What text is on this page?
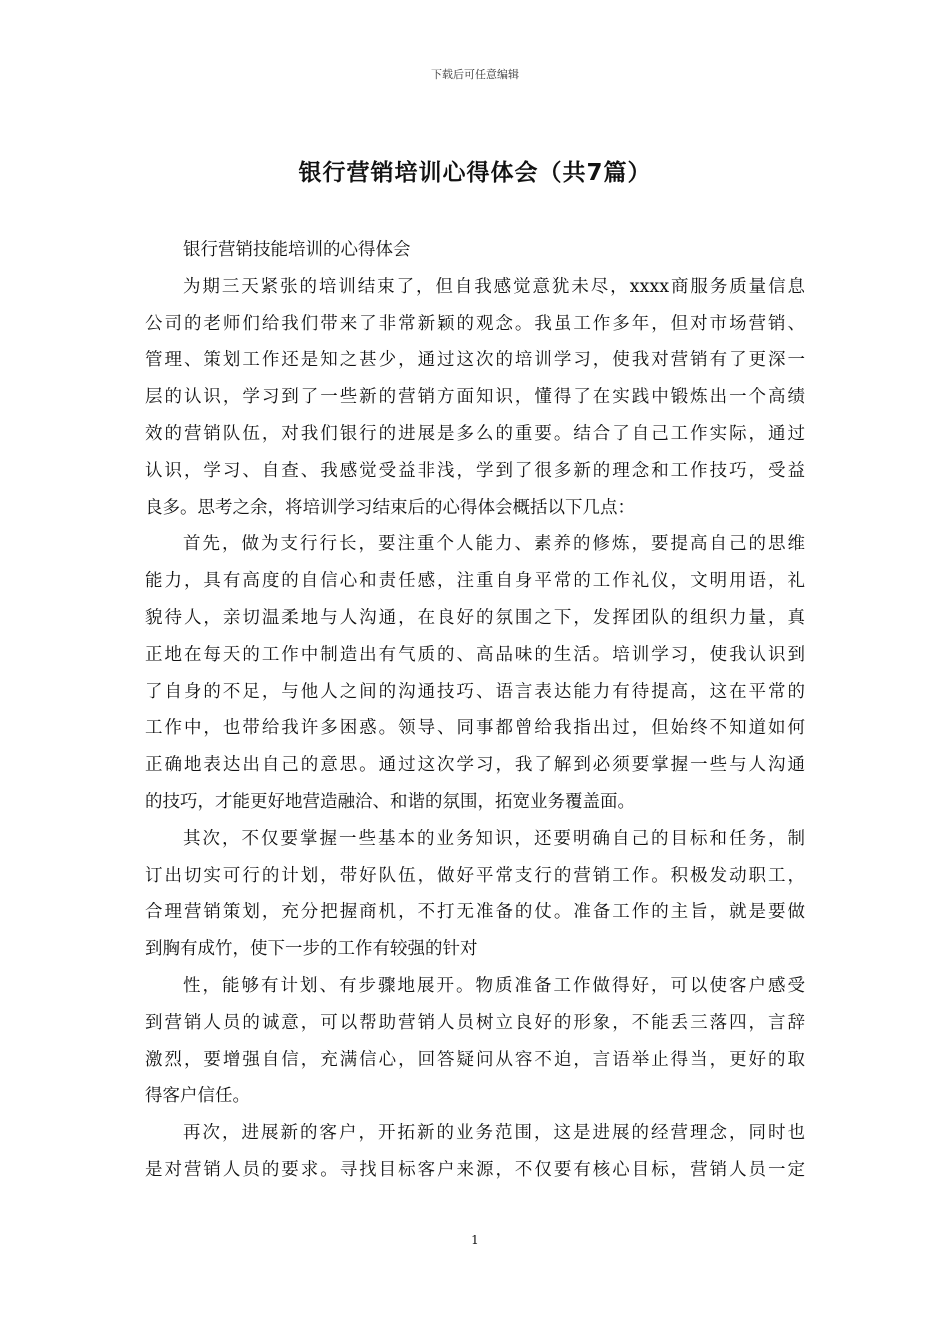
下载后可任意编辑
银行营销培训心得体会（共7篇）
银行营销技能培训的心得体会
为期三天紧张的培训结束了，但自我感觉意犹未尽，xxxx商服务质量信息
公司的老师们给我们带来了非常新颖的观念。我虽工作多年，但对市场营销、
管理、策划工作还是知之甚少，通过这次的培训学习，使我对营销有了更深一
层的认识，学习到了一些新的营销方面知识，懂得了在实践中锻炼出一个高绩
效的营销队伍，对我们银行的进展是多么的重要。结合了自己工作实际，通过
认识，学习、自查、我感觉受益非浅，学到了很多新的理念和工作技巧，受益
良多。思考之余，将培训学习结束后的心得体会概括以下几点：
首先，做为支行行长，要注重个人能力、素养的修炼，要提高自己的思维
能力，具有高度的自信心和责任感，注重自身平常的工作礼仪，文明用语，礼
貌待人，亲切温柔地与人沟通，在良好的氛围之下，发挥团队的组织力量，真
正地在每天的工作中制造出有气质的、高品味的生活。培训学习，使我认识到
了自身的不足，与他人之间的沟通技巧、语言表达能力有待提高，这在平常的
工作中，也带给我许多困惑。领导、同事都曾给我指出过，但始终不知道如何
正确地表达出自己的意思。通过这次学习，我了解到必须要掌握一些与人沟通
的技巧，才能更好地营造融洽、和谐的氛围，拓宽业务覆盖面。
其次，不仅要掌握一些基本的业务知识，还要明确自己的目标和任务，制
订出切实可行的计划，带好队伍，做好平常支行的营销工作。积极发动职工，
合理营销策划，充分把握商机，不打无准备的仗。准备工作的主旨，就是要做
到胸有成竹，使下一步的工作有较强的针对
性，能够有计划、有步骤地展开。物质准备工作做得好，可以使客户感受
到营销人员的诚意，可以帮助营销人员树立良好的形象，不能丢三落四，言辞
激烈，要增强自信，充满信心，回答疑问从容不迫，言语举止得当，更好的取
得客户信任。
再次，进展新的客户，开拓新的业务范围，这是进展的经营理念，同时也
是对营销人员的要求。寻找目标客户来源，不仅要有核心目标，营销人员一定
1
